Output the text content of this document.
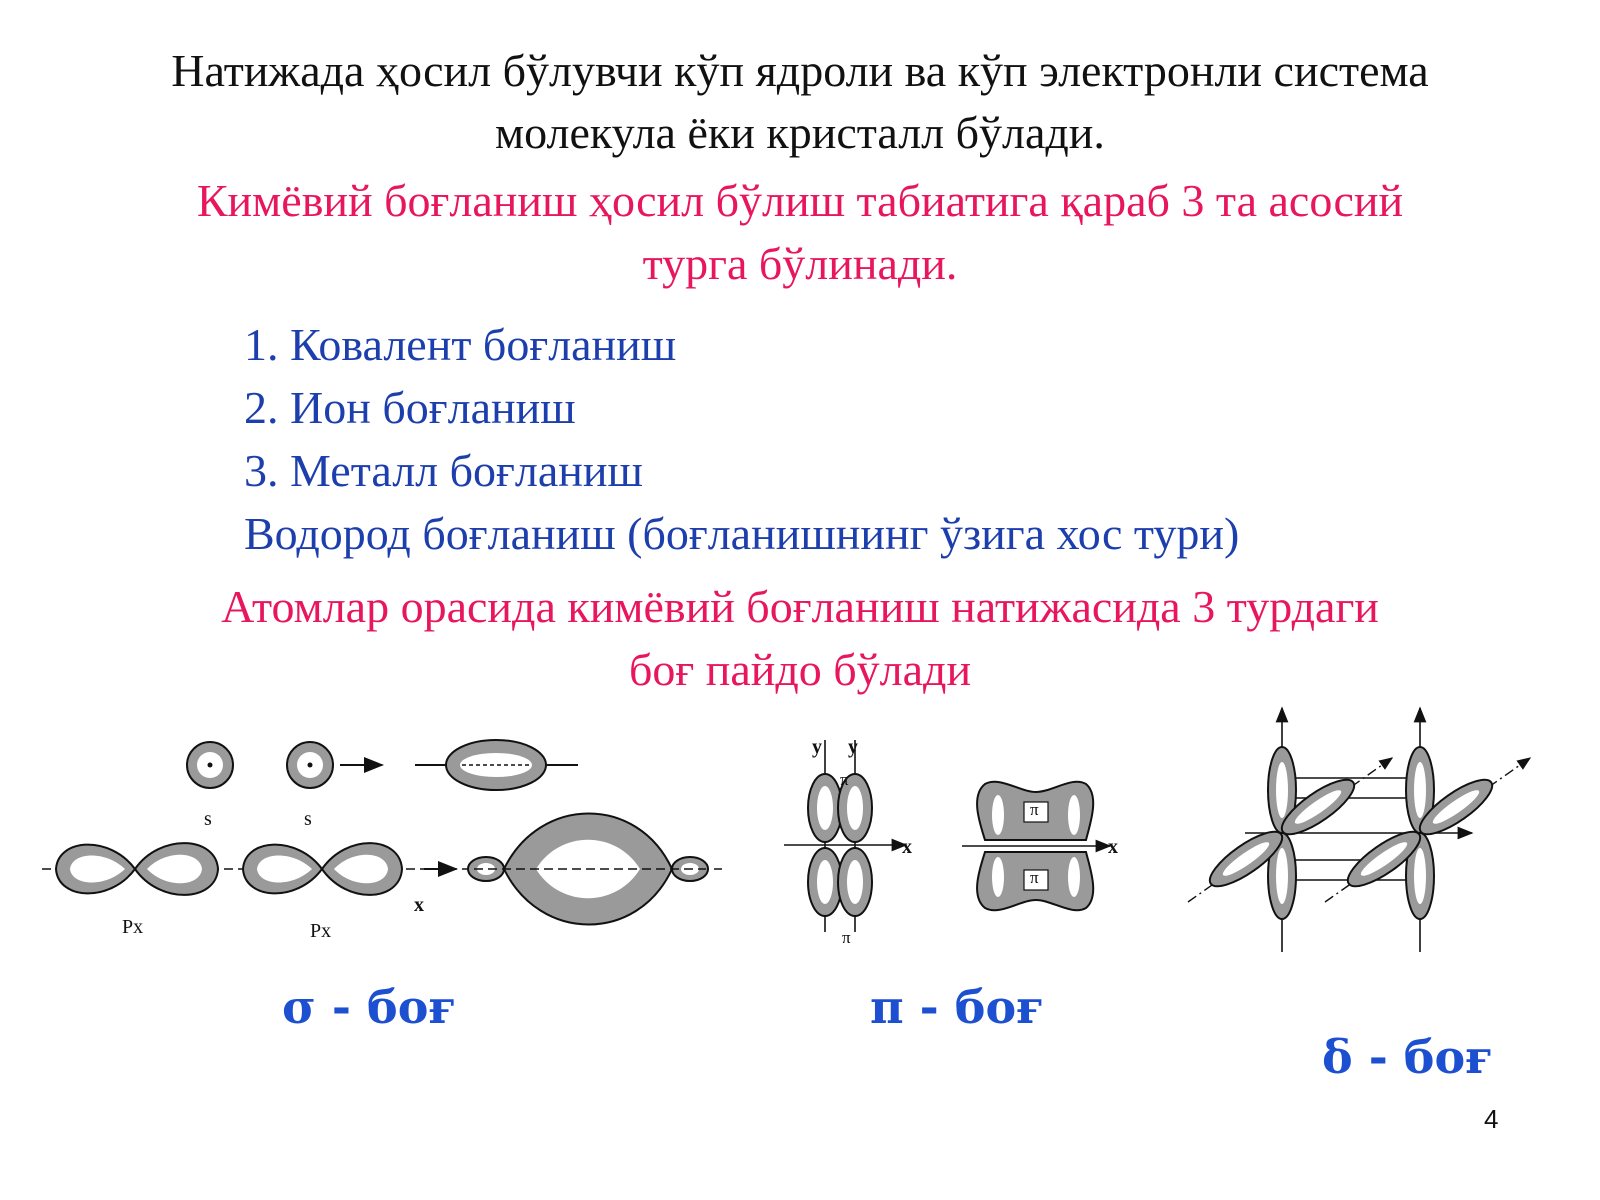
Натижада ҳосил бўлувчи кўп ядроли ва кўп электронли система
молекула ёки кристалл бўлади.
Кимёвий боғланиш ҳосил бўлиш табиатига қараб 3 та асосий
турга бўлинади.
1. Ковалент боғланиш
2. Ион боғланиш
3. Металл боғланиш
Водород боғланиш (боғланишнинг ўзига хос тури)
Атомлар орасида кимёвий боғланиш натижасида 3 турдаги
боғ пайдо бўлади
s	s
Px	Px
x
y y
π
π
x	x
π
π
σ - боғ	π - боғ
δ - боғ
4
